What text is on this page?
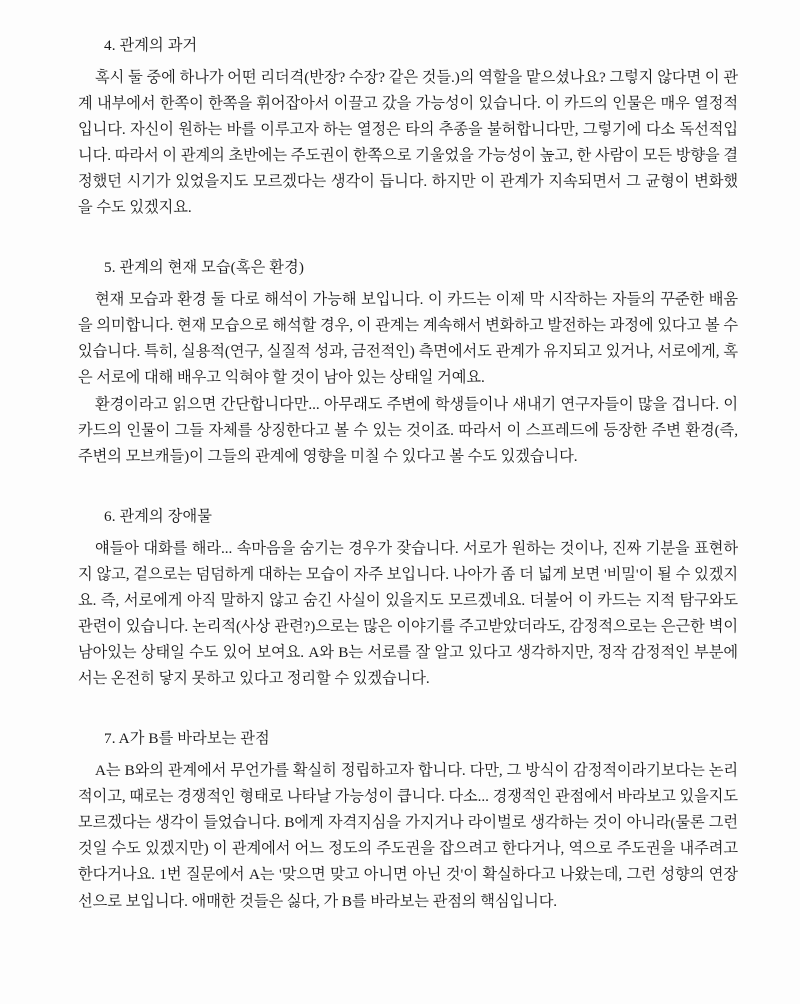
4. 관계의 과거

혹시 둘 중에 하나가 어떤 리더격(반장? 수장? 같은 것들.)의 역할을 맡으셨나요? 그렇지 않다면 이 관계 내부에서 한쪽이 한쪽을 휘어잡아서 이끌고 갔을 가능성이 있습니다. 이 카드의 인물은 매우 열정적입니다. 자신이 원하는 바를 이루고자 하는 열정은 타의 추종을 불허합니다만, 그렇기에 다소 독선적입니다. 따라서 이 관계의 초반에는 주도권이 한쪽으로 기울었을 가능성이 높고, 한 사람이 모든 방향을 결정했던 시기가 있었을지도 모르겠다는 생각이 듭니다. 하지만 이 관계가 지속되면서 그 균형이 변화했을 수도 있겠지요.

5. 관계의 현재 모습(혹은 환경)

현재 모습과 환경 둘 다로 해석이 가능해 보입니다. 이 카드는 이제 막 시작하는 자들의 꾸준한 배움을 의미합니다. 현재 모습으로 해석할 경우, 이 관계는 계속해서 변화하고 발전하는 과정에 있다고 볼 수 있습니다. 특히, 실용적(연구, 실질적 성과, 금전적인) 측면에서도 관계가 유지되고 있거나, 서로에게, 혹은 서로에 대해 배우고 익혀야 할 것이 남아 있는 상태일 거예요.

환경이라고 읽으면 간단합니다만... 아무래도 주변에 학생들이나 새내기 연구자들이 많을 겁니다. 이 카드의 인물이 그들 자체를 상징한다고 볼 수 있는 것이죠. 따라서 이 스프레드에 등장한 주변 환경(즉, 주변의 모브캐들)이 그들의 관계에 영향을 미칠 수 있다고 볼 수도 있겠습니다.

6. 관계의 장애물

얘들아 대화를 해라... 속마음을 숨기는 경우가 잦습니다. 서로가 원하는 것이나, 진짜 기분을 표현하지 않고, 겉으로는 덤덤하게 대하는 모습이 자주 보입니다. 나아가 좀 더 넓게 보면 '비밀'이 될 수 있겠지요. 즉, 서로에게 아직 말하지 않고 숨긴 사실이 있을지도 모르겠네요. 더불어 이 카드는 지적 탐구와도 관련이 있습니다. 논리적(사상 관련?)으로는 많은 이야기를 주고받았더라도, 감정적으로는 은근한 벽이 남아있는 상태일 수도 있어 보여요. A와 B는 서로를 잘 알고 있다고 생각하지만, 정작 감정적인 부분에서는 온전히 닿지 못하고 있다고 정리할 수 있겠습니다.

7. A가 B를 바라보는 관점

A는 B와의 관계에서 무언가를 확실히 정립하고자 합니다. 다만, 그 방식이 감정적이라기보다는 논리적이고, 때로는 경쟁적인 형태로 나타날 가능성이 큽니다. 다소... 경쟁적인 관점에서 바라보고 있을지도 모르겠다는 생각이 들었습니다. B에게 자격지심을 가지거나 라이벌로 생각하는 것이 아니라(물론 그런 것일 수도 있겠지만) 이 관계에서 어느 정도의 주도권을 잡으려고 한다거나, 역으로 주도권을 내주려고 한다거나요. 1번 질문에서 A는 '맞으면 맞고 아니면 아닌 것'이 확실하다고 나왔는데, 그런 성향의 연장선으로 보입니다. 애매한 것들은 싫다, 가 B를 바라보는 관점의 핵심입니다.
